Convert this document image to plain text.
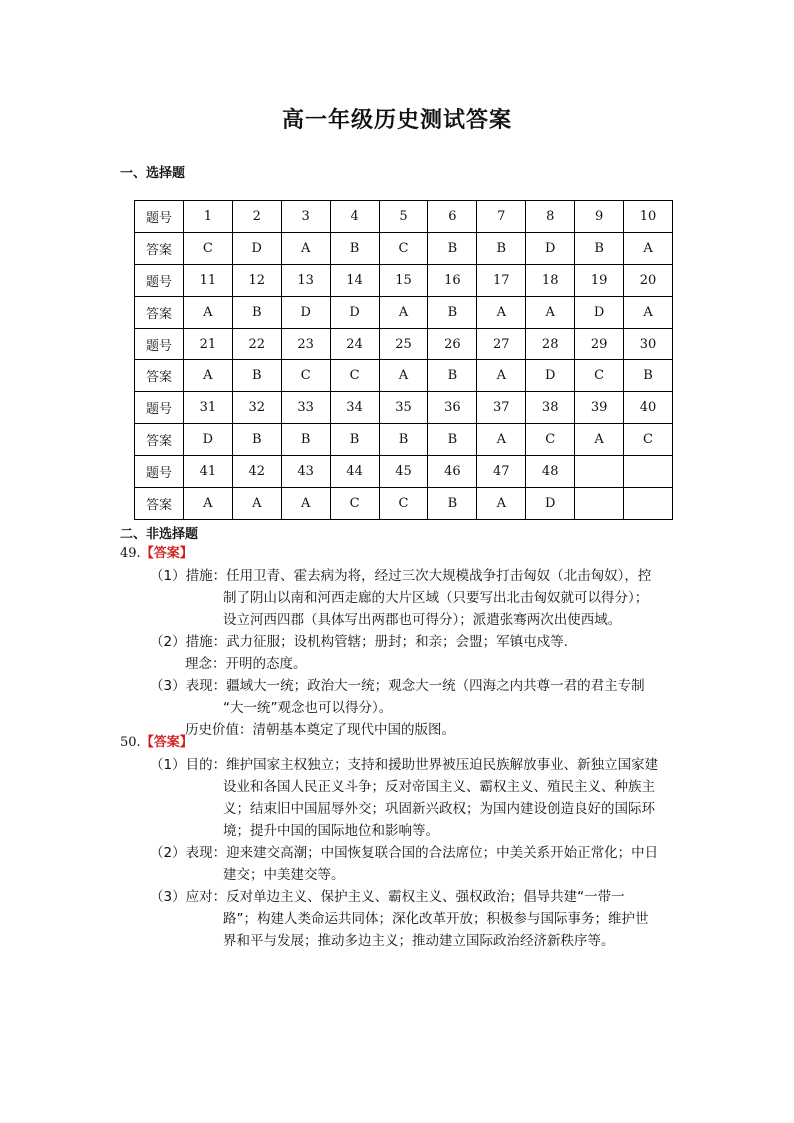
高一年级历史测试答案
一、选择题
题号	1	2	3	4	5	6	7	8	9	10
答案	C	D	A	B	C	B	B	D	B	A
题号	11	12	13	14	15	16	17	18	19	20
答案	A	B	D	D	A	B	A	A	D	A
题号	21	22	23	24	25	26	27	28	29	30
答案	A	B	C	C	A	B	A	D	C	B
题号	31	32	33	34	35	36	37	38	39	40
答案	D	B	B	B	B	B	A	C	A	C
题号	41	42	43	44	45	46	47	48		
答案	A	A	A	C	C	B	A	D		
二、非选择题
49.【答案】
（1）措施：任用卫青、霍去病为将，经过三次大规模战争打击匈奴（北击匈奴），控
制了阴山以南和河西走廊的大片区域（只要写出北击匈奴就可以得分）；
设立河西四郡（具体写出两郡也可得分）；派遣张骞两次出使西域。
（2）措施：武力征服；设机构管辖；册封；和亲；会盟；军镇屯戍等.
理念：开明的态度。
（3）表现：疆域大一统；政治大一统；观念大一统（四海之内共尊一君的君主专制
“大一统”观念也可以得分）。
历史价值：清朝基本奠定了现代中国的版图。
50.【答案】
（1）目的：维护国家主权独立；支持和援助世界被压迫民族解放事业、新独立国家建
设业和各国人民正义斗争；反对帝国主义、霸权主义、殖民主义、种族主
义；结束旧中国屈辱外交；巩固新兴政权；为国内建设创造良好的国际环
境；提升中国的国际地位和影响等。
（2）表现：迎来建交高潮；中国恢复联合国的合法席位；中美关系开始正常化；中日
建交；中美建交等。
（3）应对：反对单边主义、保护主义、霸权主义、强权政治；倡导共建“一带一
路”；构建人类命运共同体；深化改革开放；积极参与国际事务；维护世
界和平与发展；推动多边主义；推动建立国际政治经济新秩序等。
